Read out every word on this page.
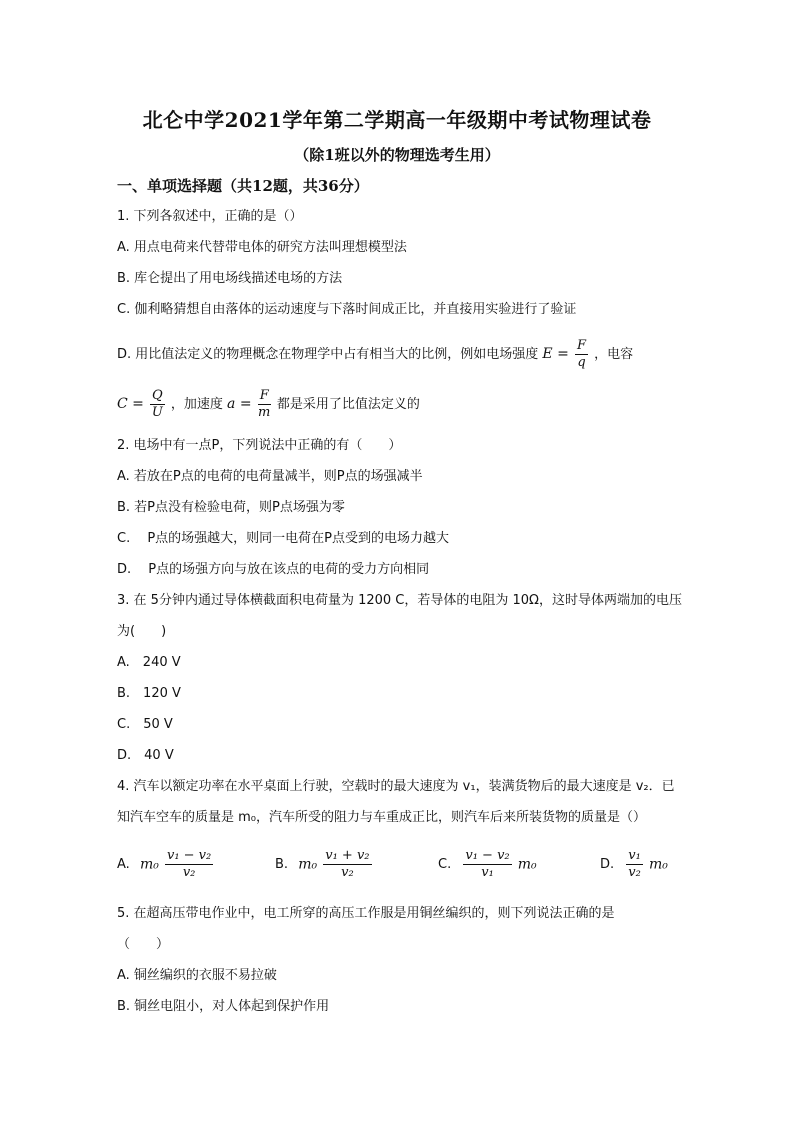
北仑中学2021学年第二学期高一年级期中考试物理试卷
（除1班以外的物理选考生用）
一、单项选择题（共12题，共36分）
1. 下列各叙述中，正确的是（）
A. 用点电荷来代替带电体的研究方法叫理想模型法
B. 库仑提出了用电场线描述电场的方法
C. 伽利略猜想自由落体的运动速度与下落时间成正比，并直接用实验进行了验证
D. 用比值法定义的物理概念在物理学中占有相当大的比例，例如电场强度 $E = \frac{F}{q}$ ，电容
$C = \frac{Q}{U}$ ，加速度 $a = \frac{F}{m}$ 都是采用了比值法定义的
2. 电场中有一点P，下列说法中正确的有（　　）
A. 若放在P点的电荷的电荷量减半，则P点的场强减半
B. 若P点没有检验电荷，则P点场强为零
C. 　P点的场强越大，则同一电荷在P点受到的电场力越大
D. 　P点的场强方向与放在该点的电荷的受力方向相同
3. 在 5分钟内通过导体横截面积电荷量为 1200 C，若导体的电阻为 10Ω，这时导体两端加的电压
为(　　)
A.　240 V
B.　120 V
C.　50 V
D.　40 V
4. 汽车以额定功率在水平桌面上行驶，空载时的最大速度为 v₁，装满货物后的最大速度是 v₂．已
知汽车空车的质量是 m₀，汽车所受的阻力与车重成正比，则汽车后来所装货物的质量是（）
A. $m_0 \frac{\text{v₁ − v₂}}{\text{v₂}}$	B. $m_0 \frac{\text{v₁ + v₂}}{\text{v₂}}$	C. $\frac{\text{v₁ − v₂}}{\text{v₁}} m_0$	D. $\frac{\text{v₁}}{\text{v₂}} m_0$
5. 在超高压带电作业中，电工所穿的高压工作服是用铜丝编织的，则下列说法正确的是
（　　）
A. 铜丝编织的衣服不易拉破
B. 铜丝电阻小，对人体起到保护作用
